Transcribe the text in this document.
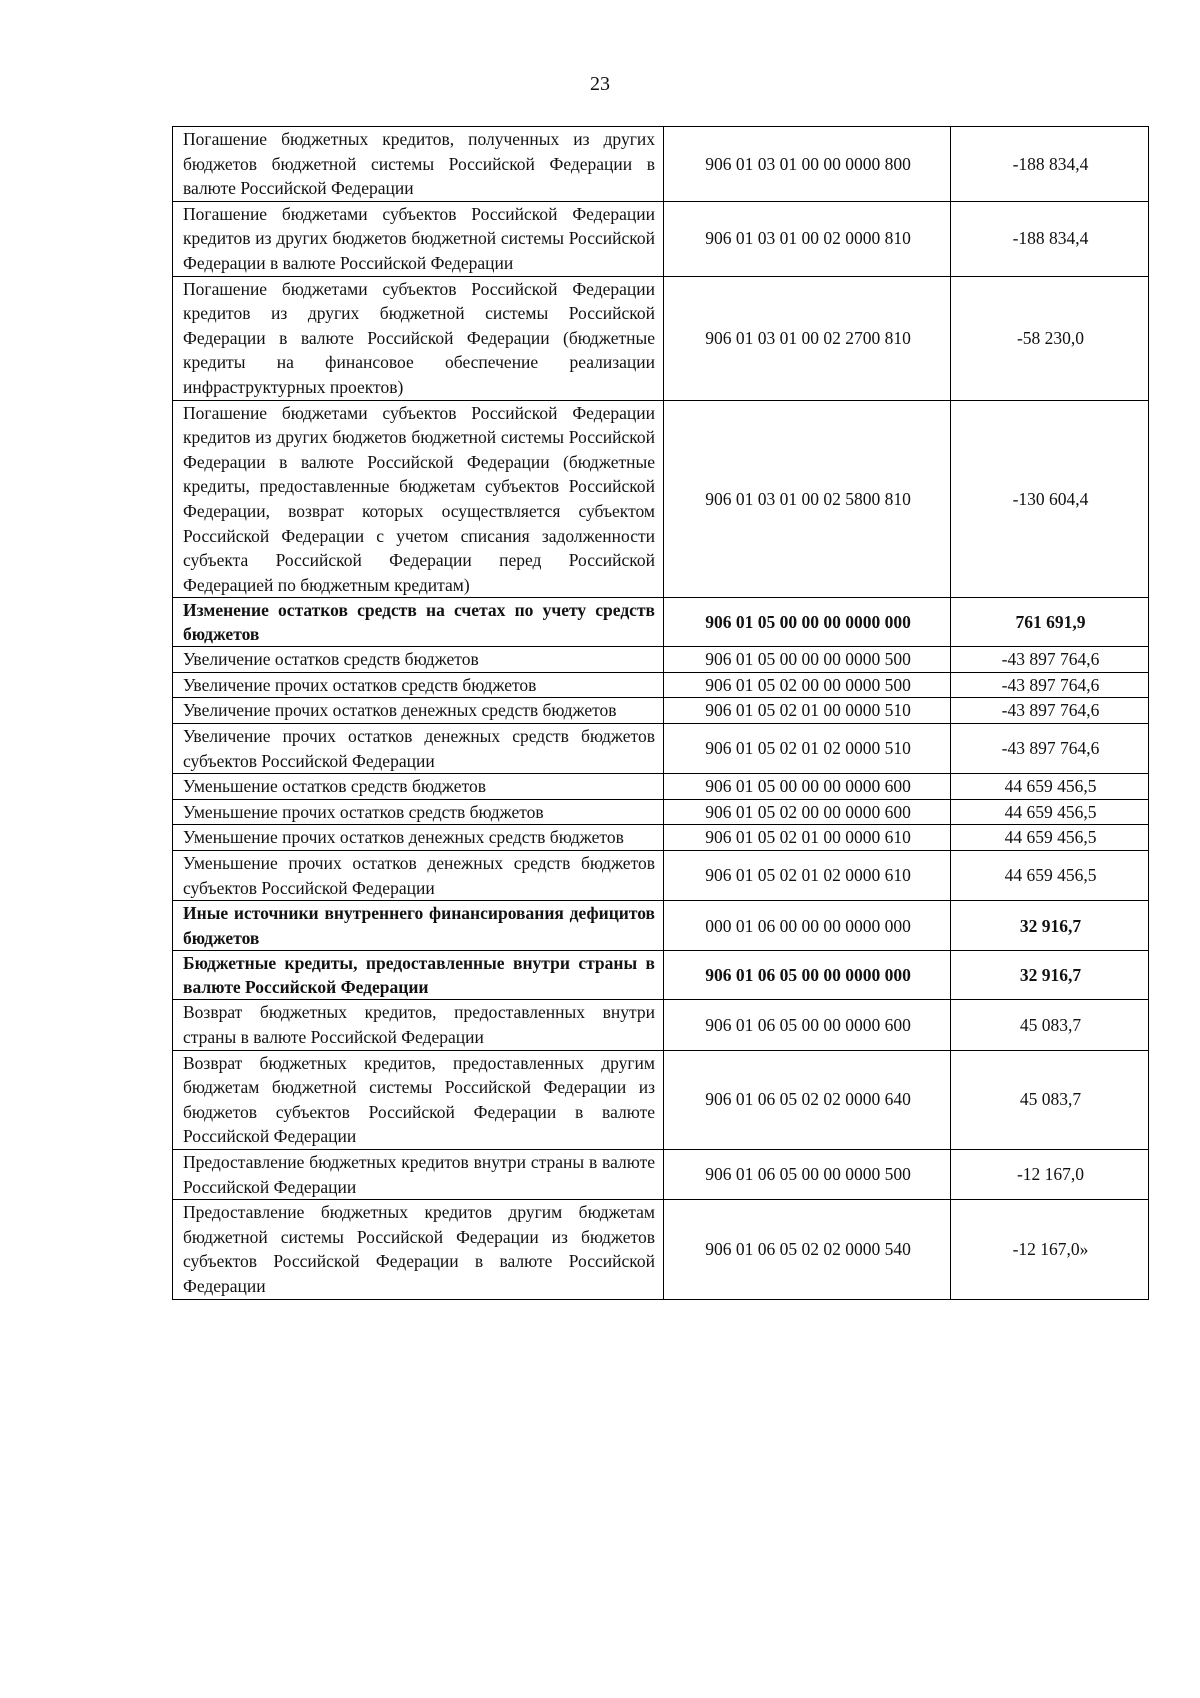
23
Погашение бюджетных кредитов, полученных из других бюджетов бюджетной системы Российской Федерации в валюте Российской Федерации	906 01 03 01 00 00 0000 800	-188 834,4
Погашение бюджетами субъектов Российской Федерации кредитов из других бюджетов бюджетной системы Российской Федерации в валюте Российской Федерации	906 01 03 01 00 02 0000 810	-188 834,4
Погашение бюджетами субъектов Российской Федерации кредитов из других бюджетной системы Российской Федерации в валюте Российской Федерации (бюджетные кредиты на финансовое обеспечение реализации инфраструктурных проектов)	906 01 03 01 00 02 2700 810	-58 230,0
Погашение бюджетами субъектов Российской Федерации кредитов из других бюджетов бюджетной системы Российской Федерации в валюте Российской Федерации (бюджетные кредиты, предоставленные бюджетам субъектов Российской Федерации, возврат которых осуществляется субъектом Российской Федерации с учетом списания задолженности субъекта Российской Федерации перед Российской Федерацией по бюджетным кредитам)	906 01 03 01 00 02 5800 810	-130 604,4
Изменение остатков средств на счетах по учету средств бюджетов	906 01 05 00 00 00 0000 000	761 691,9
Увеличение остатков средств бюджетов	906 01 05 00 00 00 0000 500	-43 897 764,6
Увеличение прочих остатков средств бюджетов	906 01 05 02 00 00 0000 500	-43 897 764,6
Увеличение прочих остатков денежных средств бюджетов	906 01 05 02 01 00 0000 510	-43 897 764,6
Увеличение прочих остатков денежных средств бюджетов субъектов Российской Федерации	906 01 05 02 01 02 0000 510	-43 897 764,6
Уменьшение остатков средств бюджетов	906 01 05 00 00 00 0000 600	44 659 456,5
Уменьшение прочих остатков средств бюджетов	906 01 05 02 00 00 0000 600	44 659 456,5
Уменьшение прочих остатков денежных средств бюджетов	906 01 05 02 01 00 0000 610	44 659 456,5
Уменьшение прочих остатков денежных средств бюджетов субъектов Российской Федерации	906 01 05 02 01 02 0000 610	44 659 456,5
Иные источники внутреннего финансирования дефицитов бюджетов	000 01 06 00 00 00 0000 000	32 916,7
Бюджетные кредиты, предоставленные внутри страны в валюте Российской Федерации	906 01 06 05 00 00 0000 000	32 916,7
Возврат бюджетных кредитов, предоставленных внутри страны в валюте Российской Федерации	906 01 06 05 00 00 0000 600	45 083,7
Возврат бюджетных кредитов, предоставленных другим бюджетам бюджетной системы Российской Федерации из бюджетов субъектов Российской Федерации в валюте Российской Федерации	906 01 06 05 02 02 0000 640	45 083,7
Предоставление бюджетных кредитов внутри страны в валюте Российской Федерации	906 01 06 05 00 00 0000 500	-12 167,0
Предоставление бюджетных кредитов другим бюджетам бюджетной системы Российской Федерации из бюджетов субъектов Российской Федерации в валюте Российской Федерации	906 01 06 05 02 02 0000 540	-12 167,0»
